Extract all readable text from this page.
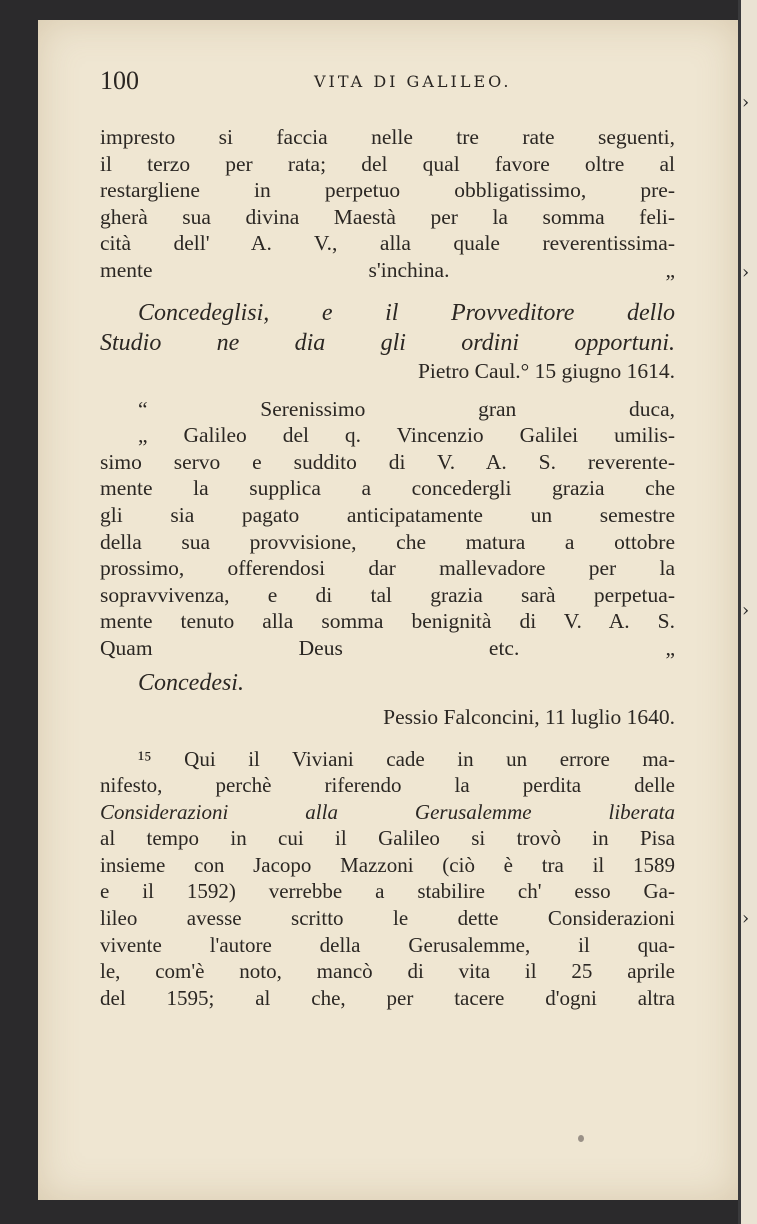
›
›
›
›
100	VITA DI GALILEO.
impresto si faccia nelle tre rate seguenti,
il terzo per rata; del qual favore oltre al
restargliene in perpetuo obbligatissimo, pre-
gherà sua divina Maestà per la somma feli-
cità dell' A. V., alla quale reverentissima-
mente s'inchina. „
Concedeglisi, e il Provveditore dello
Studio ne dia gli ordini opportuni.
Pietro Caul.° 15 giugno 1614.
“ Serenissimo gran duca,
„ Galileo del q. Vincenzio Galilei umilis-
simo servo e suddito di V. A. S. reverente-
mente la supplica a concedergli grazia che
gli sia pagato anticipatamente un semestre
della sua provvisione, che matura a ottobre
prossimo, offerendosi dar mallevadore per la
sopravvivenza, e di tal grazia sarà perpetua-
mente tenuto alla somma benignità di V. A. S.
Quam Deus etc. „
Concedesi.
Pessio Falconcini, 11 luglio 1640.
¹⁵ Qui il Viviani cade in un errore ma-
nifesto, perchè riferendo la perdita delle
Considerazioni alla Gerusalemme liberata
al tempo in cui il Galileo si trovò in Pisa
insieme con Jacopo Mazzoni (ciò è tra il 1589
e il 1592) verrebbe a stabilire ch' esso Ga-
lileo avesse scritto le dette Considerazioni
vivente l'autore della Gerusalemme, il qua-
le, com'è noto, mancò di vita il 25 aprile
del 1595; al che, per tacere d'ogni altra
